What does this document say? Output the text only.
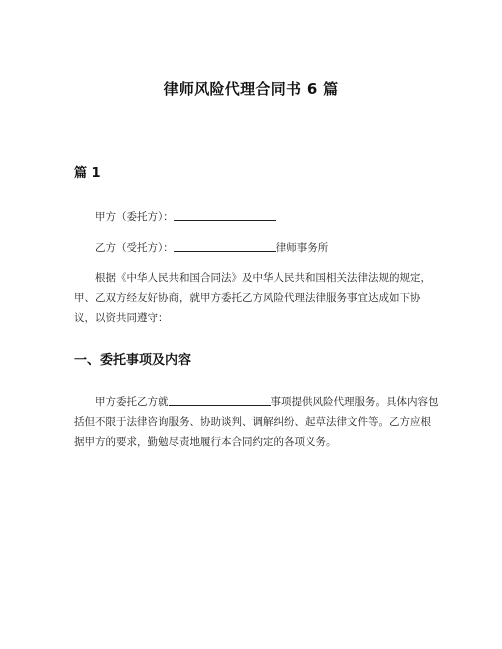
律师风险代理合同书 6 篇
篇 1
甲方（委托方）：
乙方（受托方）：	律师事务所
根据《中华人民共和国合同法》及中华人民共和国相关法律法规的规定，甲、乙双方经友好协商，就甲方委托乙方风险代理法律服务事宜达成如下协议，以资共同遵守：
一、委托事项及内容
甲方委托乙方就	事项提供风险代理服务。具体内容包括但不限于法律咨询服务、协助谈判、调解纠纷、起草法律文件等。乙方应根据甲方的要求，勤勉尽责地履行本合同约定的各项义务。
